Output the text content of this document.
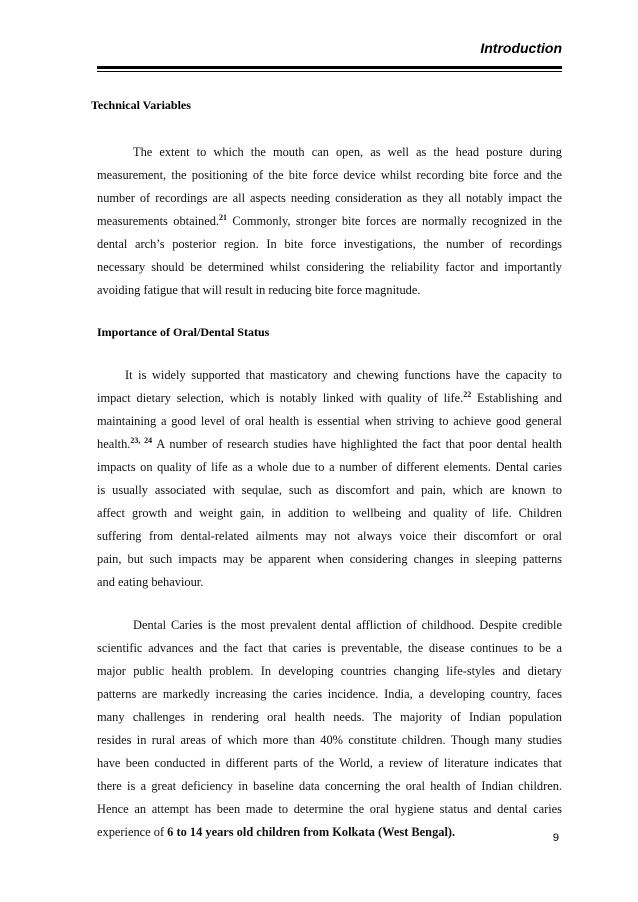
Introduction
Technical Variables
The extent to which the mouth can open, as well as the head posture during
measurement, the positioning of the bite force device whilst recording bite force and the
number of recordings are all aspects needing consideration as they all notably impact the
measurements obtained.$^{21}$ Commonly, stronger bite forces are normally recognized in the
dental arch’s posterior region. In bite force investigations, the number of recordings
necessary should be determined whilst considering the reliability factor and importantly
avoiding fatigue that will result in reducing bite force magnitude.
Importance of Oral/Dental Status
It is widely supported that masticatory and chewing functions have the capacity to
impact dietary selection, which is notably linked with quality of life.$^{22}$ Establishing and
maintaining a good level of oral health is essential when striving to achieve good general
health.$^{23, 24}$ A number of research studies have highlighted the fact that poor dental health
impacts on quality of life as a whole due to a number of different elements. Dental caries
is usually associated with sequlae, such as discomfort and pain, which are known to
affect growth and weight gain, in addition to wellbeing and quality of life. Children
suffering from dental-related ailments may not always voice their discomfort or oral
pain, but such impacts may be apparent when considering changes in sleeping patterns
and eating behaviour.
Dental Caries is the most prevalent dental affliction of childhood. Despite credible
scientific advances and the fact that caries is preventable, the disease continues to be a
major public health problem. In developing countries changing life-styles and dietary
patterns are markedly increasing the caries incidence. India, a developing country, faces
many challenges in rendering oral health needs. The majority of Indian population
resides in rural areas of which more than 40% constitute children. Though many studies
have been conducted in different parts of the World, a review of literature indicates that
there is a great deficiency in baseline data concerning the oral health of Indian children.
Hence an attempt has been made to determine the oral hygiene status and dental caries
experience of 6 to 14 years old children from Kolkata (West Bengal).	9
